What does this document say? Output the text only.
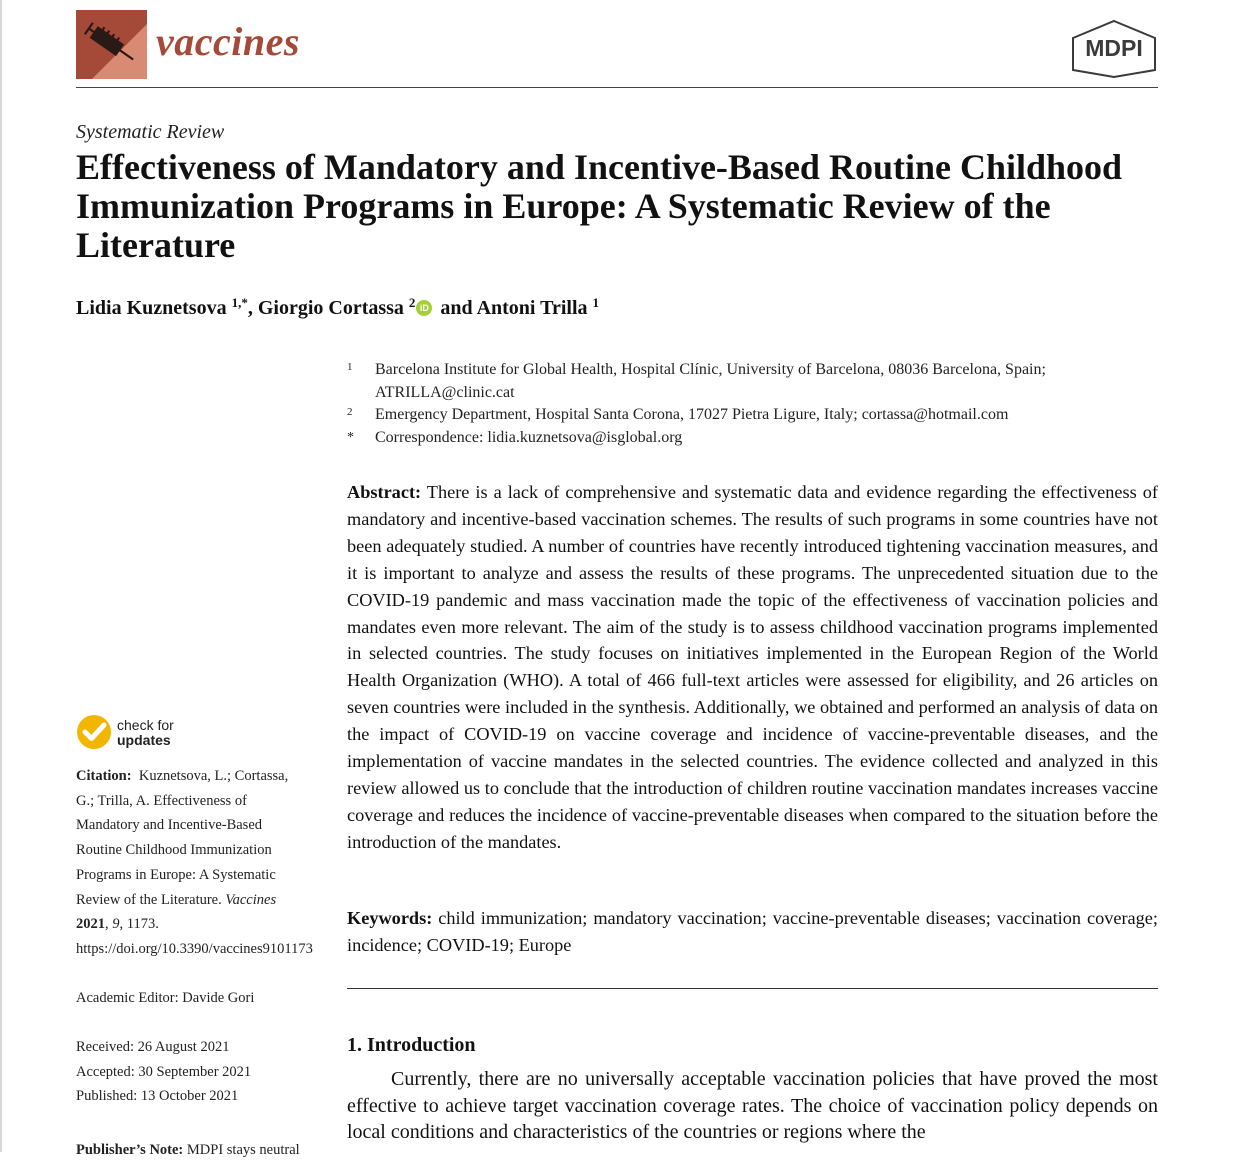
vaccines	MDPI
Systematic Review
Effectiveness of Mandatory and Incentive-Based Routine Childhood Immunization Programs in Europe: A Systematic Review of the Literature
Lidia Kuznetsova $^{1,*}$, Giorgio Cortassa $^2$ iD and Antoni Trilla $^1$
1 Barcelona Institute for Global Health, Hospital Clínic, University of Barcelona, 08036 Barcelona, Spain; ATRILLA@clinic.cat
2 Emergency Department, Hospital Santa Corona, 17027 Pietra Ligure, Italy; cortassa@hotmail.com
* Correspondence: lidia.kuznetsova@isglobal.org

Abstract: There is a lack of comprehensive and systematic data and evidence regarding the effectiveness of mandatory and incentive-based vaccination schemes. The results of such programs in some countries have not been adequately studied. A number of countries have recently introduced tightening vaccination measures, and it is important to analyze and assess the results of these programs. The unprecedented situation due to the COVID-19 pandemic and mass vaccination made the topic of the effectiveness of vaccination policies and mandates even more relevant. The aim of the study is to assess childhood vaccination programs implemented in selected countries. The study focuses on initiatives implemented in the European Region of the World Health Organization (WHO). A total of 466 full-text articles were assessed for eligibility, and 26 articles on seven countries were included in the synthesis. Additionally, we obtained and performed an analysis of data on the impact of COVID-19 on vaccine coverage and incidence of vaccine-preventable diseases, and the implementation of vaccine mandates in the selected countries. The evidence collected and analyzed in this review allowed us to conclude that the introduction of children routine vaccination mandates increases vaccine coverage and reduces the incidence of vaccine-preventable diseases when compared to the situation before the introduction of the mandates.

Keywords: child immunization; mandatory vaccination; vaccine-preventable diseases; vaccination coverage; incidence; COVID-19; Europe

1. Introduction

Currently, there are no universally acceptable vaccination policies that have proved the most effective to achieve target vaccination coverage rates. The choice of vaccination policy depends on local conditions and characteristics of the countries or regions where the

check for
updates

Citation: Kuznetsova, L.; Cortassa, G.; Trilla, A. Effectiveness of Mandatory and Incentive-Based Routine Childhood Immunization Programs in Europe: A Systematic Review of the Literature. Vaccines 2021, 9, 1173.  https://doi.org/10.3390/vaccines9101173

Academic Editor: Davide Gori

Received: 26 August 2021
Accepted: 30 September 2021
Published: 13 October 2021

Publisher’s Note: MDPI stays neutral
